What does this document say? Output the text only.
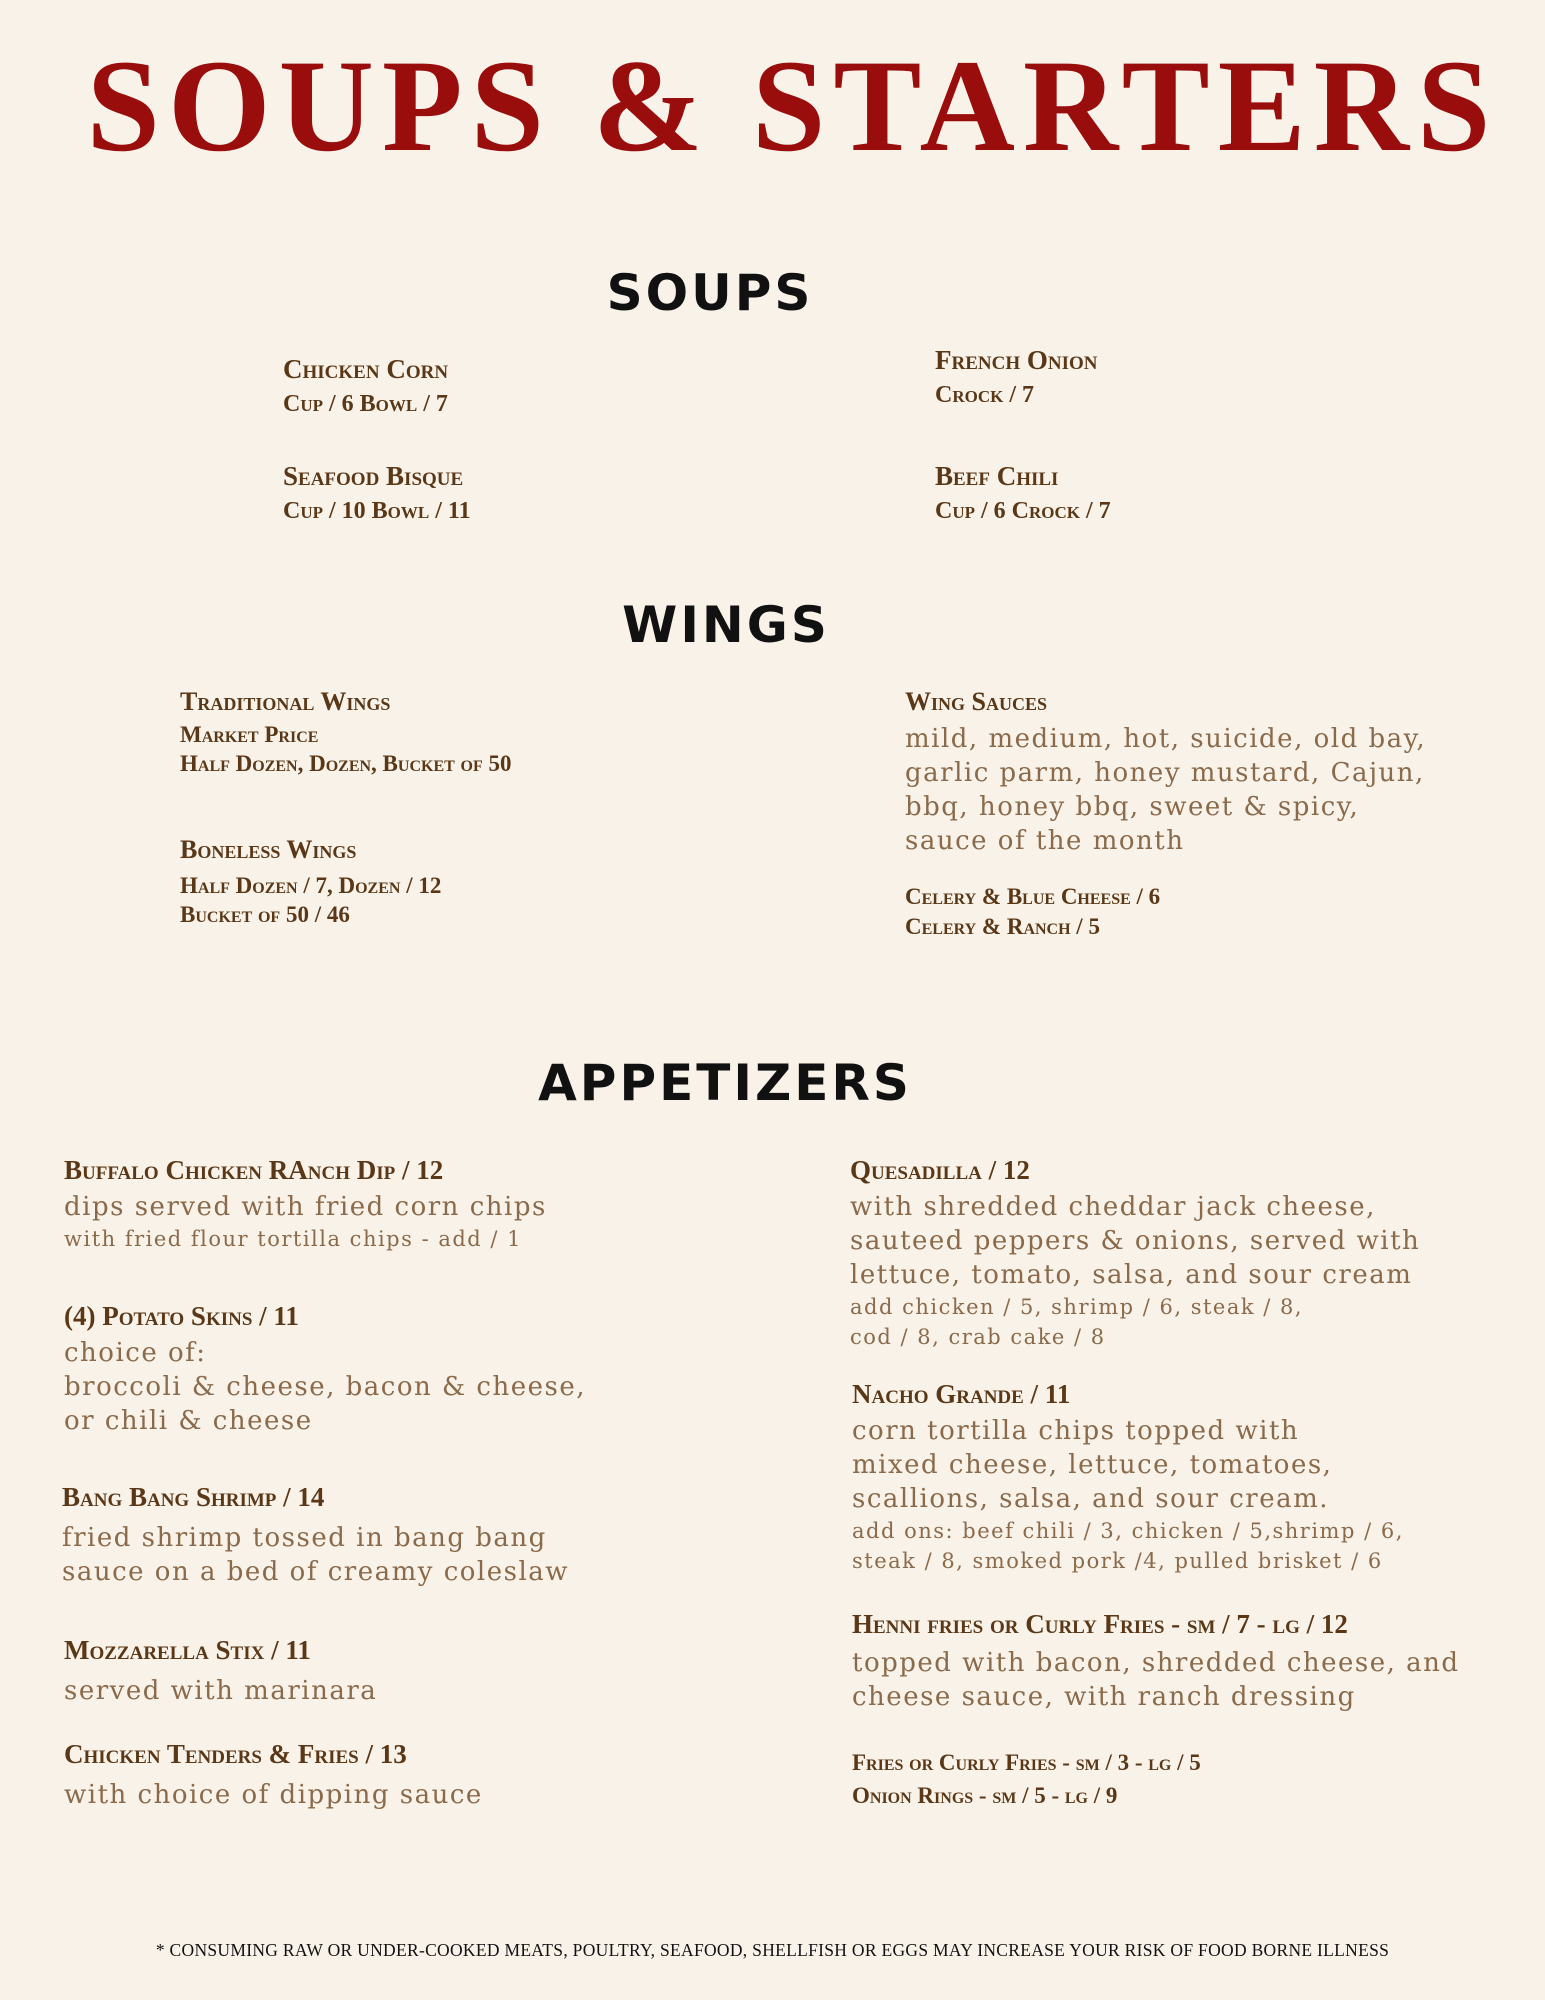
SOUPS & STARTERS
SOUPS
Chicken Corn
Cup / 6 Bowl / 7
French Onion
Crock / 7
Seafood Bisque
Cup / 10 Bowl / 11
Beef Chili
Cup / 6 Crock / 7
WINGS
Traditional Wings
Market Price
Half Dozen, Dozen, Bucket of 50
Boneless Wings
Half Dozen / 7, Dozen / 12
Bucket of 50 / 46
Wing Sauces
mild, medium, hot, suicide, old bay,
garlic parm, honey mustard, Cajun,
bbq, honey bbq, sweet & spicy,
sauce of the month
Celery & Blue Cheese / 6
Celery & Ranch / 5
APPETIZERS
Buffalo Chicken RAnch Dip / 12
dips served with fried corn chips
with fried flour tortilla chips - add / 1
(4) Potato Skins / 11
choice of:
broccoli & cheese, bacon & cheese,
or chili & cheese
Bang Bang Shrimp / 14
fried shrimp tossed in bang bang
sauce on a bed of creamy coleslaw
Mozzarella Stix / 11
served with marinara
Chicken Tenders & Fries / 13
with choice of dipping sauce
Quesadilla / 12
with shredded cheddar jack cheese,
sauteed peppers & onions, served with
lettuce, tomato, salsa, and sour cream
add chicken / 5, shrimp / 6, steak / 8,
cod / 8, crab cake / 8
Nacho Grande / 11
corn tortilla chips topped with
mixed cheese, lettuce, tomatoes,
scallions, salsa, and sour cream.
add ons: beef chili / 3, chicken / 5,shrimp / 6,
steak / 8, smoked pork /4, pulled brisket / 6
Henni fries or Curly Fries - sm / 7 - lg / 12
topped with bacon, shredded cheese, and
cheese sauce, with ranch dressing
Fries or Curly Fries - sm / 3 - lg / 5
Onion Rings - sm / 5 - lg / 9
* CONSUMING RAW OR UNDER-COOKED MEATS, POULTRY, SEAFOOD, SHELLFISH OR EGGS MAY INCREASE YOUR RISK OF FOOD BORNE ILLNESS
